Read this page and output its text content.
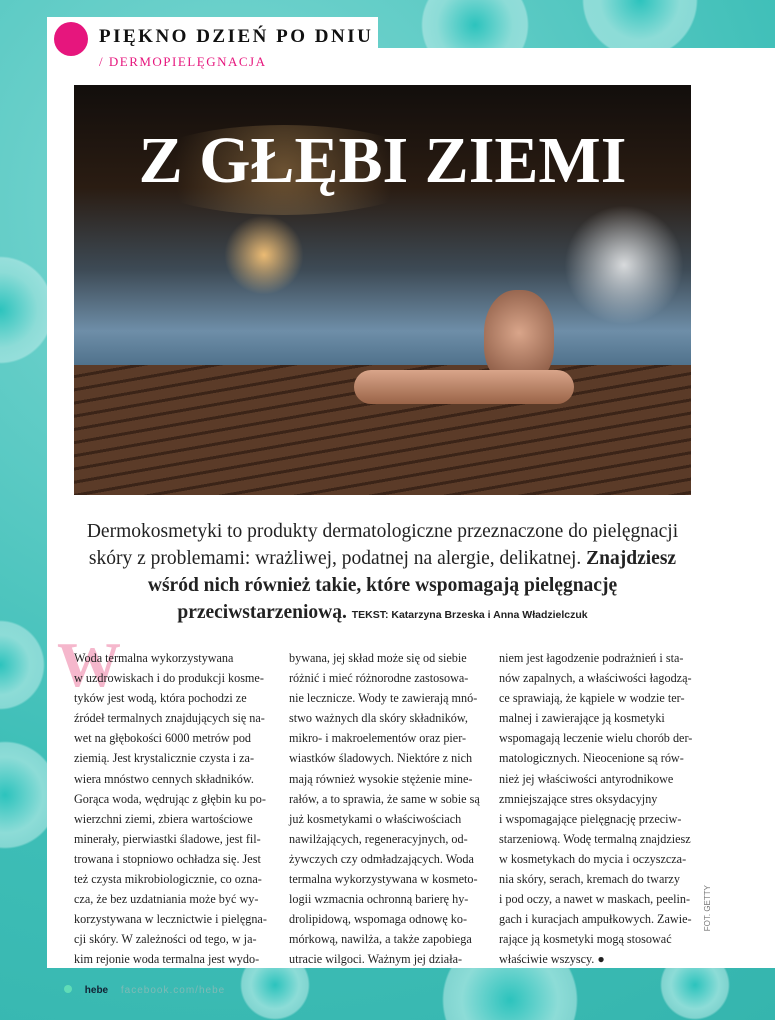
PIĘKNO DZIEŃ PO DNIU
/ DERMOPIELĘGNACJA
Z GŁĘBI ZIEMI
Dermokosmetyki to produkty dermatologiczne przeznaczone do pielęgnacji skóry z problemami: wrażliwej, podatnej na alergie, delikatnej. Znajdziesz wśród nich również takie, które wspomagają pielęgnację przeciwstarzeniową. TEKST: Katarzyna Brzeska i Anna Władzielczuk
W

Woda termalna wykorzystywana
w uzdrowiskach i do produkcji kosme-
tyków jest wodą, która pochodzi ze
źródeł termalnych znajdujących się na-
wet na głębokości 6000 metrów pod
ziemią. Jest krystalicznie czysta i za-
wiera mnóstwo cennych składników.
Gorąca woda, wędrując z głębin ku po-
wierzchni ziemi, zbiera wartościowe
minerały, pierwiastki śladowe, jest fil-
trowana i stopniowo ochładza się. Jest
też czysta mikrobiologicznie, co ozna-
cza, że bez uzdatniania może być wy-
korzystywana w lecznictwie i pielęgna-
cji skóry. W zależności od tego, w ja-
kim rejonie woda termalna jest wydo-

bywana, jej skład może się od siebie
różnić i mieć różnorodne zastosowa-
nie lecznicze. Wody te zawierają mnó-
stwo ważnych dla skóry składników,
mikro- i makroelementów oraz pier-
wiastków śladowych. Niektóre z nich
mają również wysokie stężenie mine-
rałów, a to sprawia, że same w sobie są
już kosmetykami o właściwościach
nawilżających, regeneracyjnych, od-
żywczych czy odmładzających. Woda
termalna wykorzystywana w kosmeto-
logii wzmacnia ochronną barierę hy-
drolipidową, wspomaga odnowę ko-
mórkową, nawilża, a także zapobiega
utracie wilgoci. Ważnym jej działa-

niem jest łagodzenie podrażnień i sta-
nów zapalnych, a właściwości łagodzą-
ce sprawiają, że kąpiele w wodzie ter-
malnej i zawierające ją kosmetyki
wspomagają leczenie wielu chorób der-
matologicznych. Nieocenione są rów-
nież jej właściwości antyrodnikowe
zmniejszające stres oksydacyjny
i wspomagające pielęgnację przeciw-
starzeniową. Wodę termalną znajdziesz
w kosmetykach do mycia i oczyszcza-
nia skóry, serach, kremach do twarzy
i pod oczy, a nawet w maskach, peelin-
gach i kuracjach ampułkowych. Zawie-
rające ją kosmetyki mogą stosować
właściwie wszyscy. ●

FOT. GETTY
hebe facebook.com/hebe
